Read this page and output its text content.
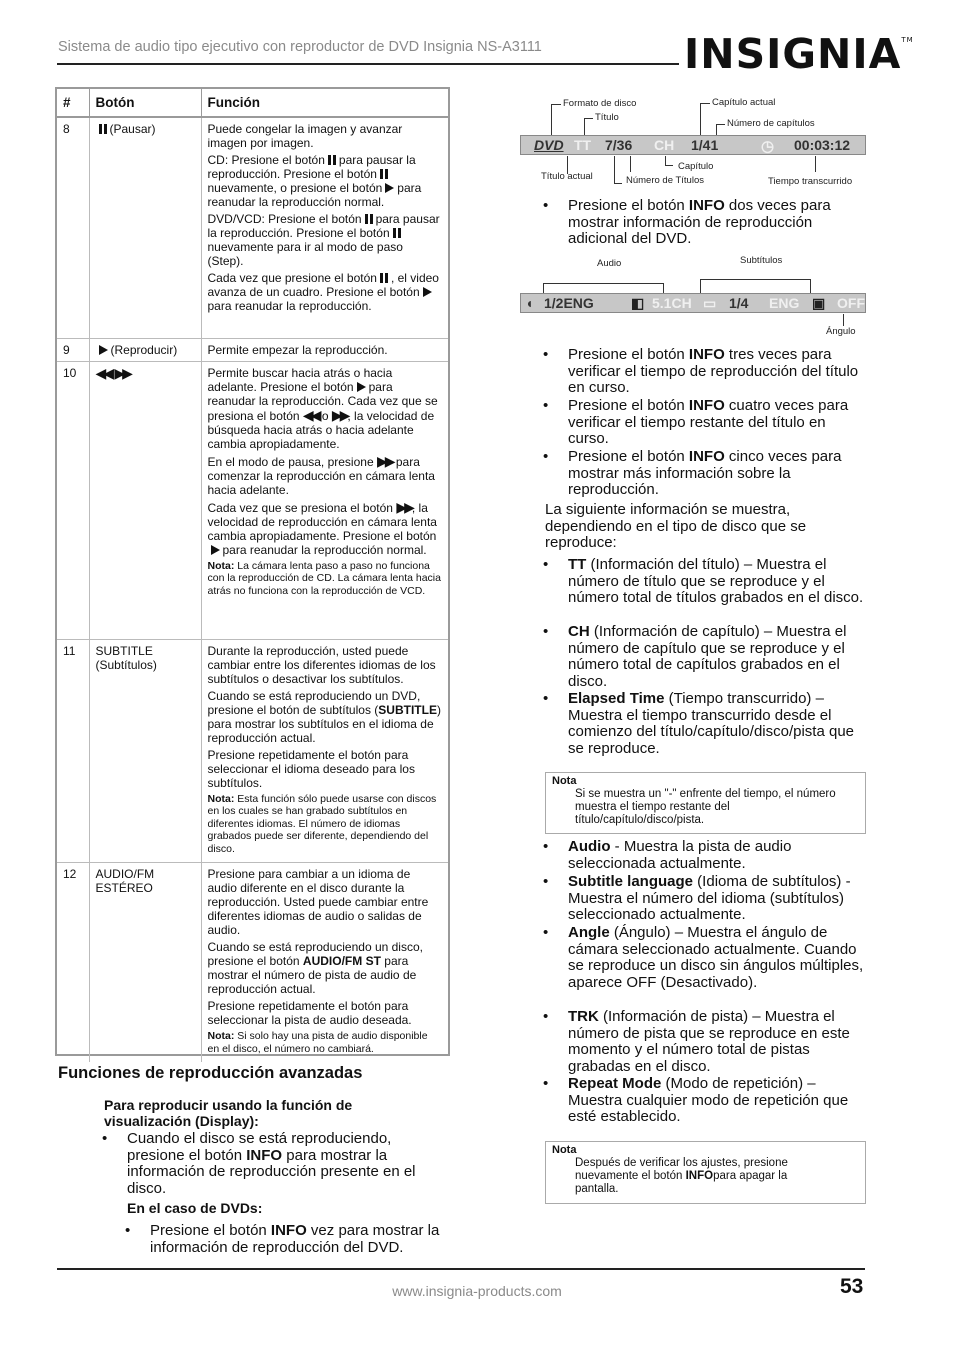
Sistema de audio tipo ejecutivo con reproductor de DVD Insignia NS-A3111	INSIGNIA™
#	Botón	Función
8	(Pausar)	Puede congelar la imagen y avanzar imagen por imagen.

CD: Presione el botón para pausar la reproducción. Presione el botónnuevamente, o presione el botón para reanudar la reproducción normal.

DVD/VCD: Presione el botón para pausar la reproducción. Presione el botónnuevamente para ir al modo de paso (Step).

Cada vez que presione el botón , el video avanza de un cuadro. Presione el botónpara reanudar la reproducción.

9	(Reproducir)	Permite empezar la reproducción.
10	◀◀/▶▶	Permite buscar hacia atrás o hacia adelante. Presione el botón para reanudar la reproducción. Cada vez que se presiona el botón ◀◀ o ▶▶, la velocidad de búsqueda hacia atrás o hacia adelante cambia apropiadamente.

En el modo de pausa, presione ▶▶ para comenzar la reproducción en cámara lenta hacia adelante.

Cada vez que se presiona el botón ▶▶, la velocidad de reproducción en cámara lenta cambia apropiadamente. Presione el botónpara reanudar la reproducción normal.

Nota: La cámara lenta paso a paso no funciona con la reproducción de CD. La cámara lenta hacia atrás no funciona con la reproducción de VCD.

11	SUBTITLE (Subtítulos)	Durante la reproducción, usted puede cambiar entre los diferentes idiomas de los subtítulos o desactivar los subtítulos.

Cuando se está reproduciendo un DVD, presione el botón de subtítulos (SUBTITLE) para mostrar los subtítulos en el idioma de reproducción actual.

Presione repetidamente el botón para seleccionar el idioma deseado para los subtítulos.

Nota: Esta función sólo puede usarse con discos en los cuales se han grabado subtítulos en diferentes idiomas. El número de idiomas grabados puede ser diferente, dependiendo del disco.

12	AUDIO/FM ESTÉREO	Presione para cambiar a un idioma de audio diferente en el disco durante la reproducción. Usted puede cambiar entre diferentes idiomas de audio o salidas de audio.

Cuando se está reproduciendo un disco, presione el botón AUDIO/FM ST para mostrar el número de pista de audio de reproducción actual.

Presione repetidamente el botón para seleccionar la pista de audio deseada.

Nota: Si solo hay una pista de audio disponible en el disco, el número no cambiará.

Funciones de reproducción avanzadas
Para reproducir usando la función de visualización (Display):
• Cuando el disco se está reproduciendo, presione el botón INFO para mostrar la información de reproducción presente en el disco.
En el caso de DVDs:
• Presione el botón INFO vez para mostrar la información de reproducción del DVD.
Formato de disco
Título
Capítulo actual
Número de capítulos
DVD TT 7/36 CH 1/41	◷ 00:03:12
Título actual
Capítulo
Número de Títulos	Tiempo transcurrido
• Presione el botón INFO dos veces para mostrar información de reproducción adicional del DVD.
Audio	Subtítulos
◖ 1/2ENG	◧ 5.1CH ▭ 1/4 ENG ▣ OFF
Ángulo
• Presione el botón INFO tres veces para verificar el tiempo de reproducción del título en curso.
• Presione el botón INFO cuatro veces para verificar el tiempo restante del título en curso.
• Presione el botón INFO cinco veces para mostrar más información sobre la reproducción.
La siguiente información se muestra, dependiendo en el tipo de disco que se reproduce:
• TT (Información del título) – Muestra el número de título que se reproduce y el número total de títulos grabados en el disco.
• CH (Información de capítulo) – Muestra el número de capítulo que se reproduce y el número total de capítulos grabados en el disco.
• Elapsed Time (Tiempo transcurrido) – Muestra el tiempo transcurrido desde el comienzo del título/capítulo/disco/pista que se reproduce.
Nota
Si se muestra un "-" enfrente del tiempo, el número muestra el tiempo restante del título/capítulo/disco/pista.
• Audio - Muestra la pista de audio seleccionada actualmente.
• Subtitle language (Idioma de subtítulos) - Muestra el número del idioma (subtítulos) seleccionado actualmente.
• Angle (Ángulo) – Muestra el ángulo de cámara seleccionado actualmente. Cuando se reproduce un disco sin ángulos múltiples, aparece OFF (Desactivado).
• TRK (Información de pista) – Muestra el número de pista que se reproduce en este momento y el número total de pistas grabadas en el disco.
• Repeat Mode (Modo de repetición) – Muestra cualquier modo de repetición que esté establecido.
Nota
Después de verificar los ajustes, presione nuevamente el botón INFOpara apagar la pantalla.
www.insignia-products.com	53
